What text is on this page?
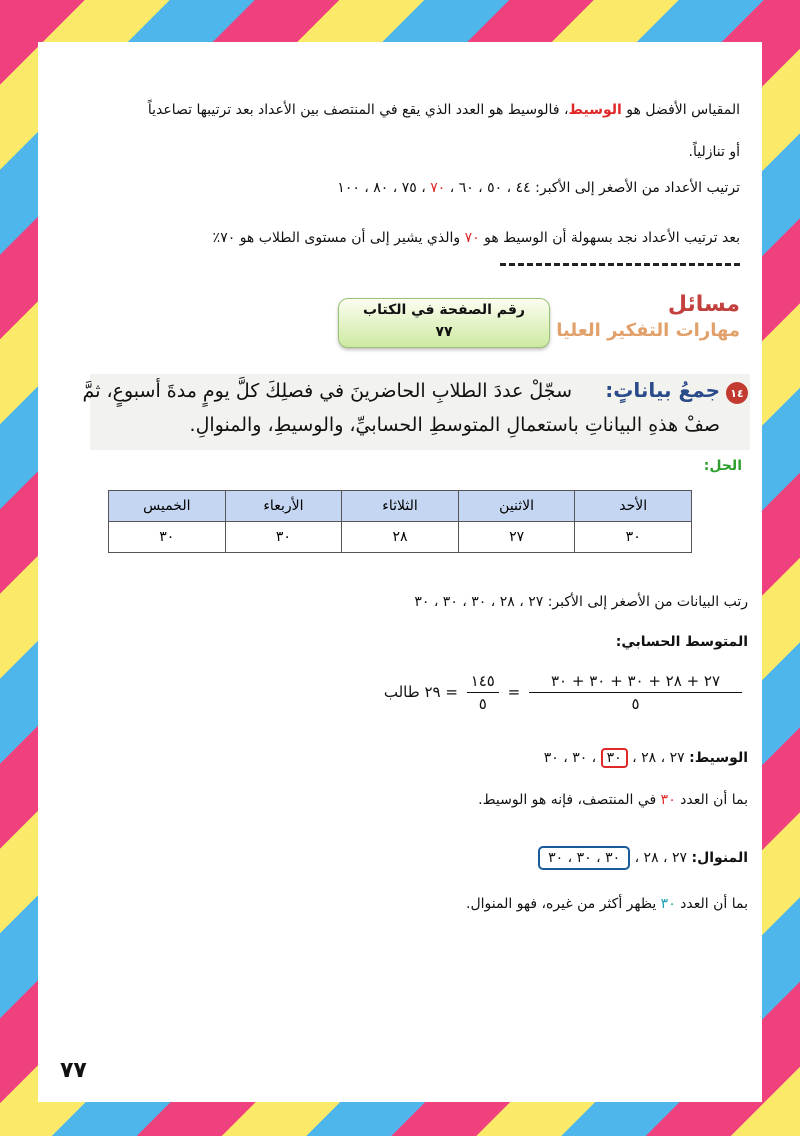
المقياس الأفضل هو الوسيط، فالوسيط هو العدد الذي يقع في المنتصف بين الأعداد بعد ترتيبها تصاعدياً
أو تنازلياً.
ترتيب الأعداد من الأصغر إلى الأكبر: ٤٤ ، ٥٠ ، ٦٠ ، ٧٠ ، ٧٥ ، ٨٠ ، ١٠٠
بعد ترتيب الأعداد نجد بسهولة أن الوسيط هو ٧٠ والذي يشير إلى أن مستوى الطلاب هو ٧٠٪
مسائل
مهارات التفكير العليا
رقم الصفحة في الكتاب
٧٧
١٤
جمعُ بياناتٍ:
سجّلْ عددَ الطلابِ الحاضرينَ في فصلِكَ كلَّ يومٍ مدةَ أسبوعٍ، ثمَّ
صفْ هذهِ البياناتِ باستعمالِ المتوسطِ الحسابيِّ، والوسيطِ، والمنوالِ.
الحل:
الأحد	الاثنين	الثلاثاء	الأربعاء	الخميس
٣٠	٢٧	٢٨	٣٠	٣٠
رتب البيانات من الأصغر إلى الأكبر: ٢٧ ، ٢٨ ، ٣٠ ، ٣٠ ، ٣٠
المتوسط الحسابي:
$\frac{٢٧ + ٢٨ + ٣٠ + ٣٠ + ٣٠}{٥}$
=
$\frac{١٤٥}{٥}$
= ٢٩ طالب
الوسيط: ٢٧ ، ٢٨ ، ٣٠ ، ٣٠ ، ٣٠
بما أن العدد ٣٠ في المنتصف، فإنه هو الوسيط.
المنوال: ٢٧ ، ٢٨ ، ٣٠ ، ٣٠ ، ٣٠
بما أن العدد ٣٠ يظهر أكثر من غيره، فهو المنوال.
٧٧
